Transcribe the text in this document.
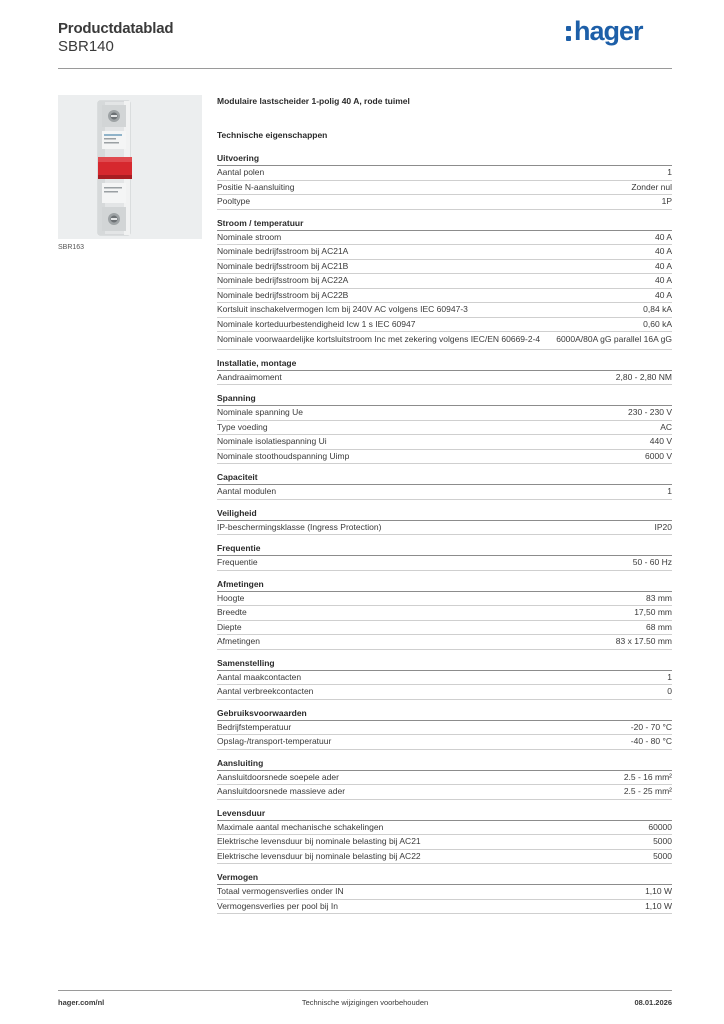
Productdatablad
SBR140
hager
SBR163
Modulaire lastscheider 1-polig 40 A, rode tuimel
Technische eigenschappen
Uitvoering
Aantal polen	1
Positie N-aansluiting	Zonder nul
Pooltype	1P
Stroom / temperatuur
Nominale stroom	40 A
Nominale bedrijfsstroom bij AC21A	40 A
Nominale bedrijfsstroom bij AC21B	40 A
Nominale bedrijfsstroom bij AC22A	40 A
Nominale bedrijfsstroom bij AC22B	40 A
Kortsluit inschakelvermogen Icm bij 240V AC volgens IEC 60947-3	0,84 kA
Nominale korteduurbestendigheid Icw 1 s IEC 60947	0,60 kA
Nominale voorwaardelijke kortsluitstroom Inc met zekering volgens IEC/EN 60669-2-4	6000A/80A gG parallel 16A gG
Installatie, montage
Aandraaimoment	2,80 - 2,80 NM
Spanning
Nominale spanning Ue	230 - 230 V
Type voeding	AC
Nominale isolatiespanning Ui	440 V
Nominale stoothoudspanning Uimp	6000 V
Capaciteit
Aantal modulen	1
Veiligheid
IP-beschermingsklasse (Ingress Protection)	IP20
Frequentie
Frequentie	50 - 60 Hz
Afmetingen
Hoogte	83 mm
Breedte	17,50 mm
Diepte	68 mm
Afmetingen	83 x 17.50 mm
Samenstelling
Aantal maakcontacten	1
Aantal verbreekcontacten	0
Gebruiksvoorwaarden
Bedrijfstemperatuur	-20 - 70 °C
Opslag-/transport-temperatuur	-40 - 80 °C
Aansluiting
Aansluitdoorsnede soepele ader	2.5 - 16 mm²
Aansluitdoorsnede massieve ader	2.5 - 25 mm²
Levensduur
Maximale aantal mechanische schakelingen	60000
Elektrische levensduur bij nominale belasting bij AC21	5000
Elektrische levensduur bij nominale belasting bij AC22	5000
Vermogen
Totaal vermogensverlies onder IN	1,10 W
Vermogensverlies per pool bij In	1,10 W
hager.com/nl	Technische wijzigingen voorbehouden	08.01.2026
